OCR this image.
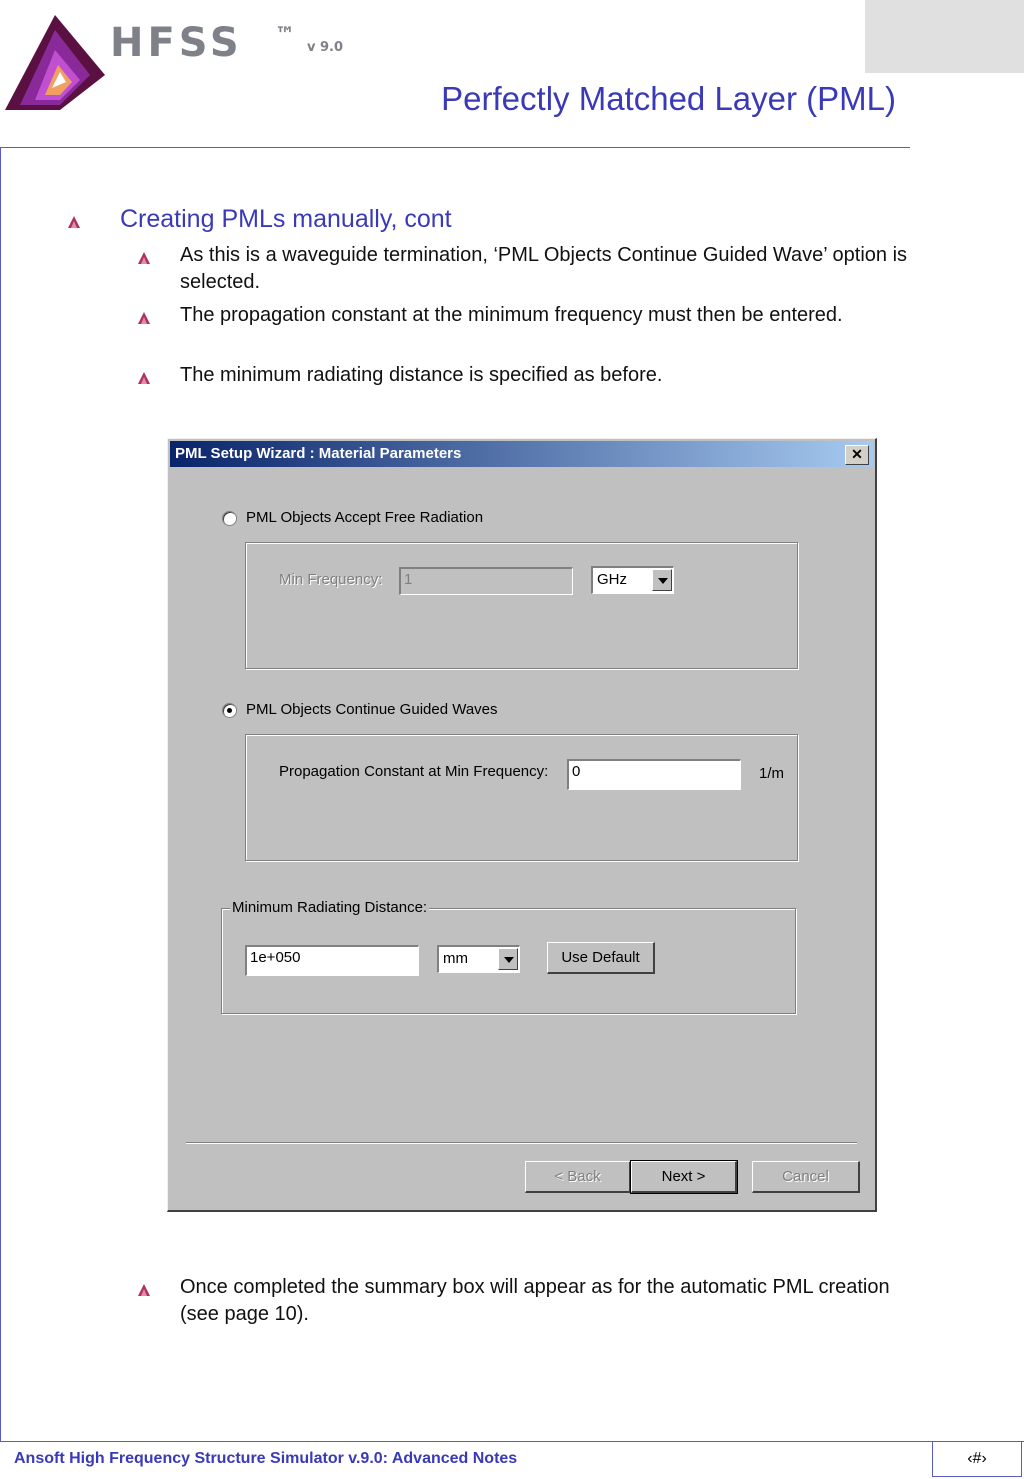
HFSS ™
v 9.0
Perfectly Matched Layer (PML)
Creating PMLs manually, cont
As this is a waveguide termination, ‘PML Objects Continue Guided Wave’ option is selected.
The propagation constant at the minimum frequency must then be entered.
The minimum radiating distance is specified as before.
PML Setup Wizard : Material Parameters	✕
PML Objects Accept Free Radiation
Min Frequency:	1	GHz
PML Objects Continue Guided Waves
Propagation Constant at Min Frequency:	0	1/m
Minimum Radiating Distance:
1e+050	mm	Use Default
< Back	Next >	Cancel
Once completed the summary box will appear as for the automatic PML creation (see page 10).
Ansoft High Frequency Structure Simulator v.9.0: Advanced Notes	‹#›
